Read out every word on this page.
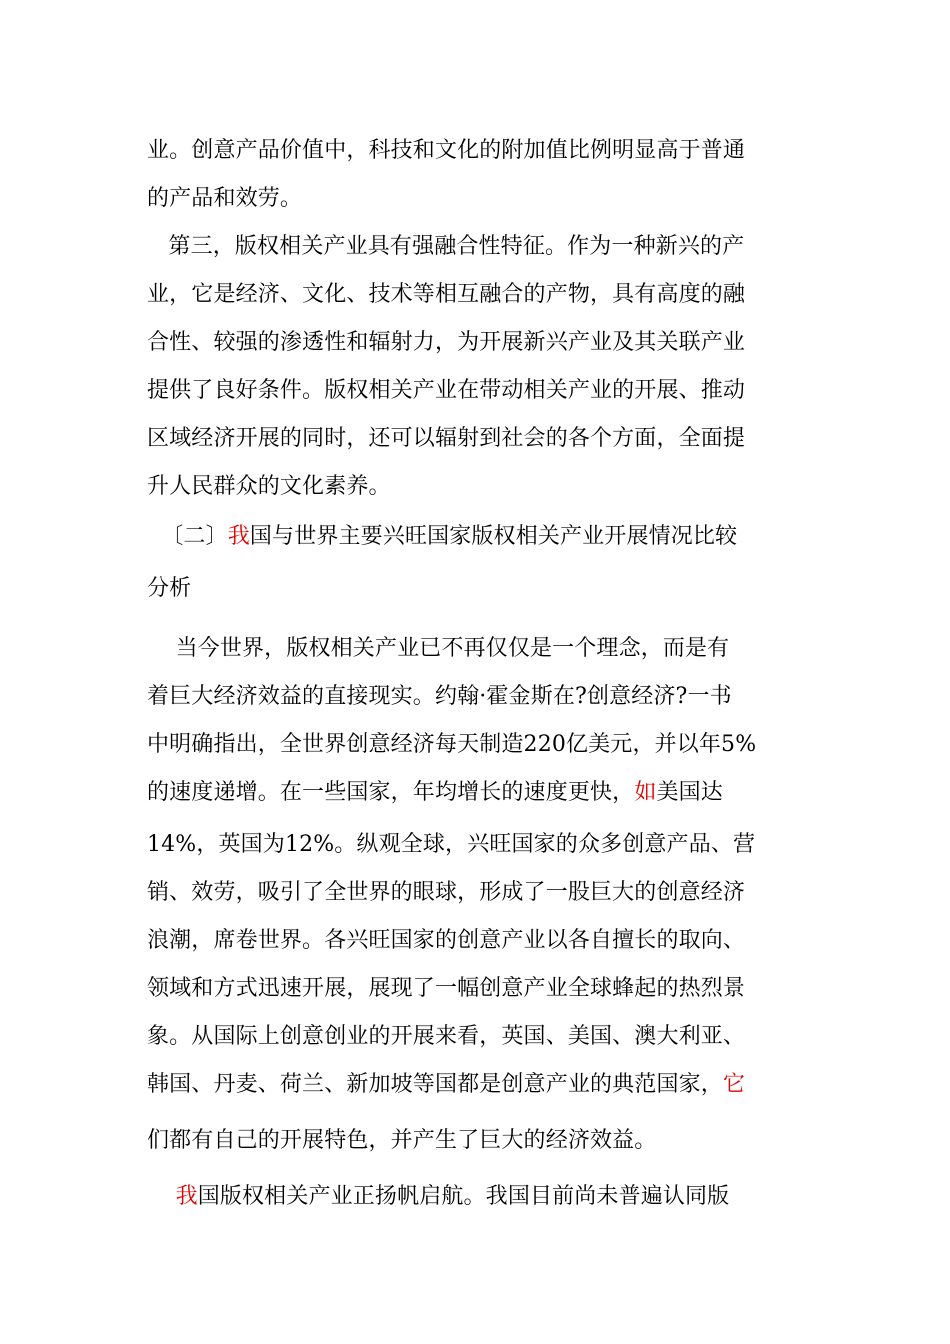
业。创意产品价值中，科技和文化的附加值比例明显高于普通
的产品和效劳。
第三，版权相关产业具有强融合性特征。作为一种新兴的产
业，它是经济、文化、技术等相互融合的产物，具有高度的融
合性、较强的渗透性和辐射力，为开展新兴产业及其关联产业
提供了良好条件。版权相关产业在带动相关产业的开展、推动
区域经济开展的同时，还可以辐射到社会的各个方面，全面提
升人民群众的文化素养。
〔二〕我国与世界主要兴旺国家版权相关产业开展情况比较
分析
当今世界，版权相关产业已不再仅仅是一个理念，而是有
着巨大经济效益的直接现实。约翰·霍金斯在?创意经济?一书
中明确指出，全世界创意经济每天制造220亿美元，并以年5%
的速度递增。在一些国家，年均增长的速度更快，如美国达
14%，英国为12%。纵观全球，兴旺国家的众多创意产品、营
销、效劳，吸引了全世界的眼球，形成了一股巨大的创意经济
浪潮，席卷世界。各兴旺国家的创意产业以各自擅长的取向、
领域和方式迅速开展，展现了一幅创意产业全球蜂起的热烈景
象。从国际上创意创业的开展来看，英国、美国、澳大利亚、
韩国、丹麦、荷兰、新加坡等国都是创意产业的典范国家，它
们都有自己的开展特色，并产生了巨大的经济效益。
我国版权相关产业正扬帆启航。我国目前尚未普遍认同版
